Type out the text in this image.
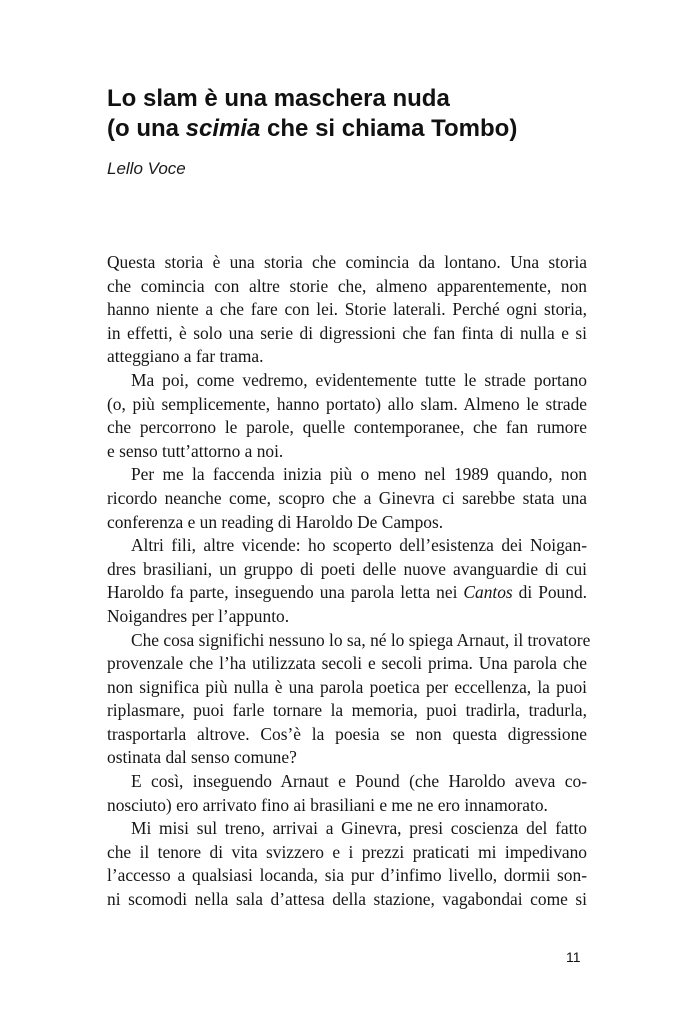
Lo slam è una maschera nuda
(o una scimia che si chiama Tombo)

Lello Voce

Questa storia è una storia che comincia da lontano. Una storia
che comincia con altre storie che, almeno apparentemente, non
hanno niente a che fare con lei. Storie laterali. Perché ogni storia,
in effetti, è solo una serie di digressioni che fan finta di nulla e si
atteggiano a far trama.
Ma poi, come vedremo, evidentemente tutte le strade portano
(o, più semplicemente, hanno portato) allo slam. Almeno le strade
che percorrono le parole, quelle contemporanee, che fan rumore
e senso tutt’attorno a noi.
Per me la faccenda inizia più o meno nel 1989 quando, non
ricordo neanche come, scopro che a Ginevra ci sarebbe stata una
conferenza e un reading di Haroldo De Campos.
Altri fili, altre vicende: ho scoperto dell’esistenza dei Noigan-
dres brasiliani, un gruppo di poeti delle nuove avanguardie di cui
Haroldo fa parte, inseguendo una parola letta nei Cantos di Pound.
Noigandres per l’appunto.
Che cosa significhi nessuno lo sa, né lo spiega Arnaut, il trovatore
provenzale che l’ha utilizzata secoli e secoli prima. Una parola che
non significa più nulla è una parola poetica per eccellenza, la puoi
riplasmare, puoi farle tornare la memoria, puoi tradirla, tradurla,
trasportarla altrove. Cos’è la poesia se non questa digressione
ostinata dal senso comune?
E così, inseguendo Arnaut e Pound (che Haroldo aveva co-
nosciuto) ero arrivato fino ai brasiliani e me ne ero innamorato.
Mi misi sul treno, arrivai a Ginevra, presi coscienza del fatto
che il tenore di vita svizzero e i prezzi praticati mi impedivano
l’accesso a qualsiasi locanda, sia pur d’infimo livello, dormii son-
ni scomodi nella sala d’attesa della stazione, vagabondai come si
11
